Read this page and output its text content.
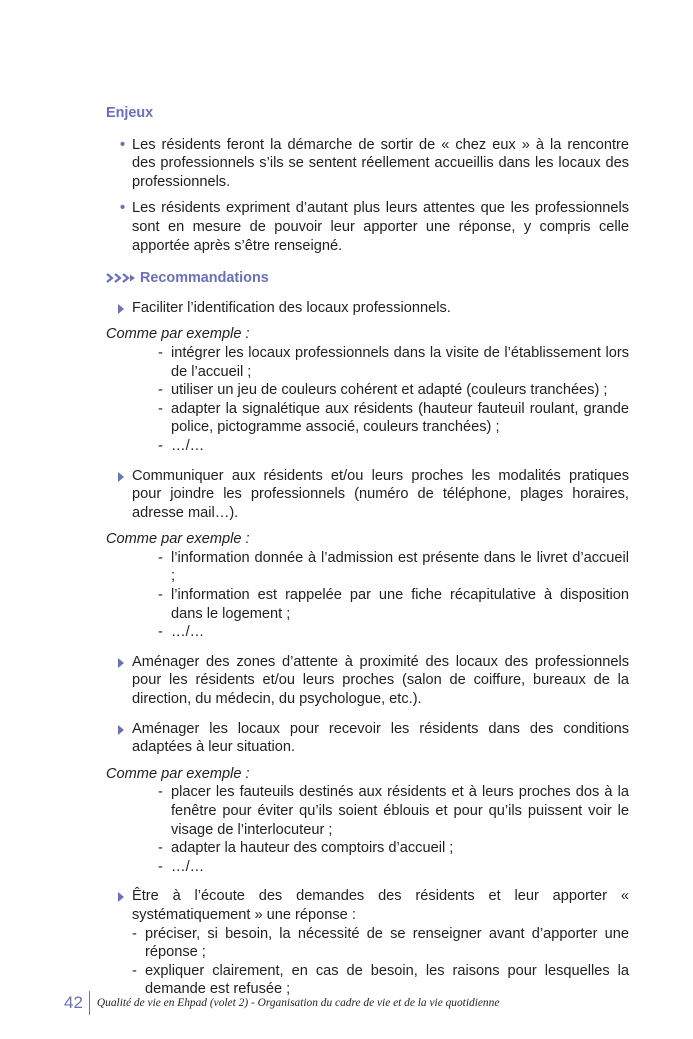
Enjeux
• Les résidents feront la démarche de sortir de « chez eux » à la rencontre des professionnels s’ils se sentent réellement accueillis dans les locaux des professionnels.
• Les résidents expriment d’autant plus leurs attentes que les professionnels sont en mesure de pouvoir leur apporter une réponse, y compris celle apportée après s’être renseigné.
Recommandations
Faciliter l’identification des locaux professionnels.
Comme par exemple :
- intégrer les locaux professionnels dans la visite de l’établissement lors de l’accueil ;
- utiliser un jeu de couleurs cohérent et adapté (couleurs tranchées) ;
- adapter la signalétique aux résidents (hauteur fauteuil roulant, grande police, pictogramme associé, couleurs tranchées) ;
- …/…
Communiquer aux résidents et/ou leurs proches les modalités pratiques pour joindre les professionnels (numéro de téléphone, plages horaires, adresse mail…).
Comme par exemple :
- l’information donnée à l’admission est présente dans le livret d’accueil ;
- l’information est rappelée par une fiche récapitulative à disposition dans le logement ;
- …/…
Aménager des zones d’attente à proximité des locaux des professionnels pour les résidents et/ou leurs proches (salon de coiffure, bureaux de la direction, du médecin, du psychologue, etc.).
Aménager les locaux pour recevoir les résidents dans des conditions adaptées à leur situation.
Comme par exemple :
- placer les fauteuils destinés aux résidents et à leurs proches dos à la fenêtre pour éviter qu’ils soient éblouis et pour qu’ils puissent voir le visage de l’interlocuteur ;
- adapter la hauteur des comptoirs d’accueil ;
- …/…
Être à l’écoute des demandes des résidents et leur apporter « systématiquement » une réponse :
- préciser, si besoin, la nécessité de se renseigner avant d’apporter une réponse ;
- expliquer clairement, en cas de besoin, les raisons pour lesquelles la demande est refusée ;
42	Qualité de vie en Ehpad (volet 2) - Organisation du cadre de vie et de la vie quotidienne
